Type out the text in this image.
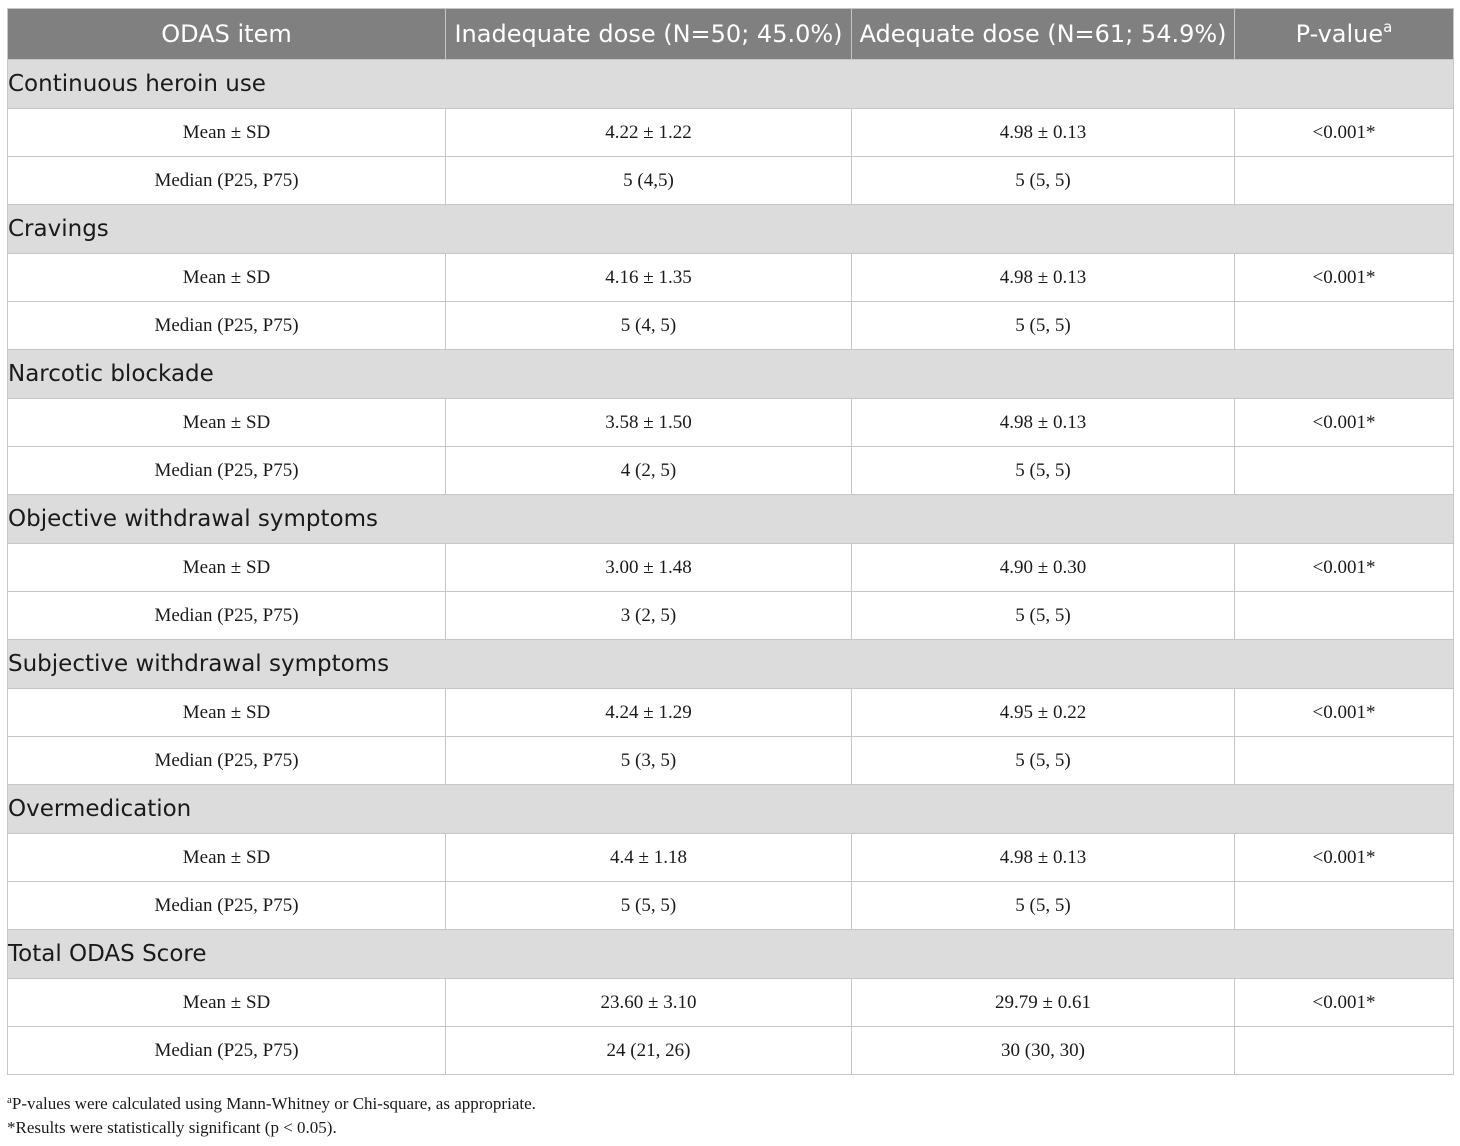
ODAS item	Inadequate dose (N=50; 45.0%)	Adequate dose (N=61; 54.9%)	P-value$^a$
Continuous heroin use			
Mean ± SD	4.22 ± 1.22	4.98 ± 0.13	<0.001*
Median (P25, P75)	5 (4,5)	5 (5, 5)	
Cravings			
Mean ± SD	4.16 ± 1.35	4.98 ± 0.13	<0.001*
Median (P25, P75)	5 (4, 5)	5 (5, 5)	
Narcotic blockade			
Mean ± SD	3.58 ± 1.50	4.98 ± 0.13	<0.001*
Median (P25, P75)	4 (2, 5)	5 (5, 5)	
Objective withdrawal symptoms			
Mean ± SD	3.00 ± 1.48	4.90 ± 0.30	<0.001*
Median (P25, P75)	3 (2, 5)	5 (5, 5)	
Subjective withdrawal symptoms			
Mean ± SD	4.24 ± 1.29	4.95 ± 0.22	<0.001*
Median (P25, P75)	5 (3, 5)	5 (5, 5)	
Overmedication			
Mean ± SD	4.4 ± 1.18	4.98 ± 0.13	<0.001*
Median (P25, P75)	5 (5, 5)	5 (5, 5)	
Total ODAS Score			
Mean ± SD	23.60 ± 3.10	29.79 ± 0.61	<0.001*
Median (P25, P75)	24 (21, 26)	30 (30, 30)	
$^a$P-values were calculated using Mann-Whitney or Chi-square, as appropriate.
*Results were statistically significant (p < 0.05).
